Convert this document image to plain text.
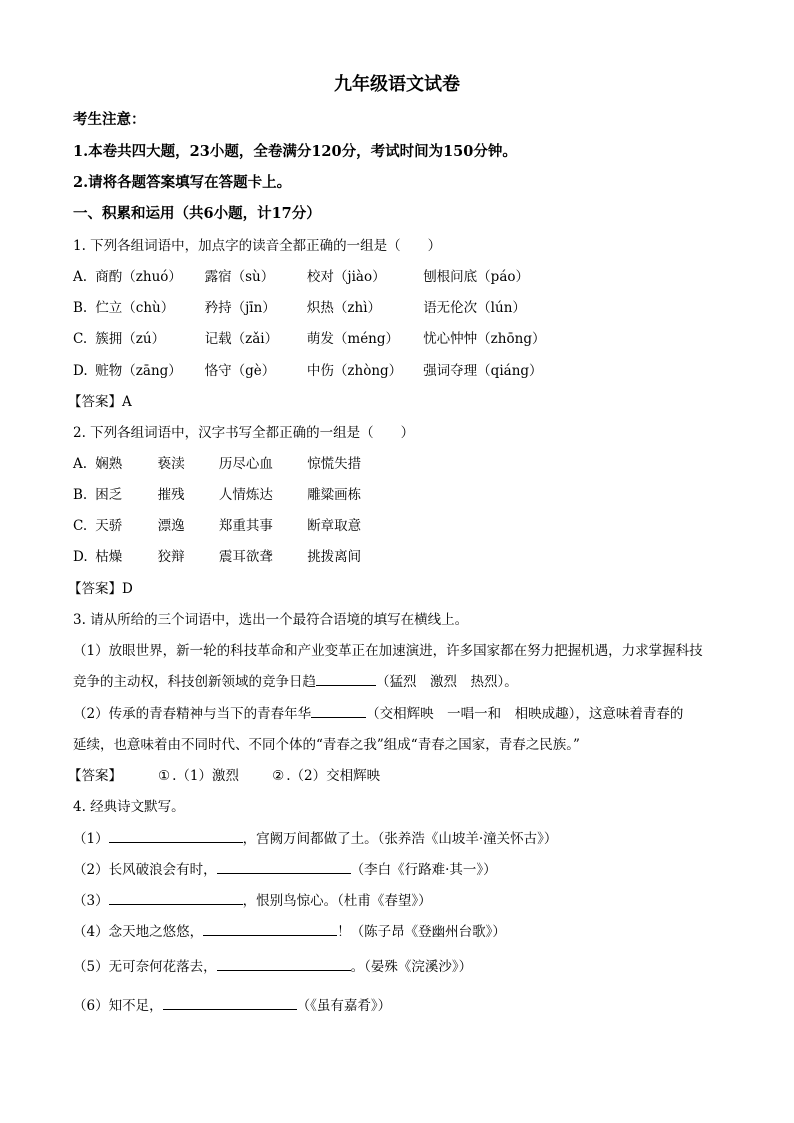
九年级语文试卷
考生注意：
1.本卷共四大题，23小题，全卷满分120分，考试时间为150分钟。
2.请将各题答案填写在答题卡上。
一、积累和运用（共6小题，计17分）
1. 下列各组词语中，加点字的读音全都正确的一组是（　　）
A. 商酌（zhuó） 露宿（sù） 校对（jiào）	刨根问底（páo）
B. 伫立（chù） 矜持（jīn） 炽热（zhì）	语无伦次（lún）
C. 簇拥（zú）	记载（zǎi） 萌发（méng） 忧心忡忡（zhōng）
D. 赃物（zāng） 恪守（gè） 中伤（zhòng） 强词夺理（qiáng）
【答案】A
2. 下列各组词语中，汉字书写全都正确的一组是（　　）
A. 娴熟	亵渎	历尽心血	惊慌失措
B. 困乏	摧残	人情炼达	雕粱画栋
C. 天骄	漂逸	郑重其事	断章取意
D. 枯燥	狡辩	震耳欲聋	挑拨离间
【答案】D
3. 请从所给的三个词语中，选出一个最符合语境的填写在横线上。
（1）放眼世界，新一轮的科技革命和产业变革正在加速演进，许多国家都在努力把握机遇，力求掌握科技
竞争的主动权，科技创新领域的竞争日趋	（猛烈　激烈　热烈）。
（2）传承的青春精神与当下的青春年华	（交相辉映　一唱一和　相映成趣），这意味着青春的
延续，也意味着由不同时代、不同个体的“青春之我”组成“青春之国家，青春之民族。”
【答案】	① .（1）激烈 ② .（2）交相辉映
4. 经典诗文默写。
（1）	，宫阙万间都做了土。（张养浩《山坡羊·潼关怀古》）
（2）长风破浪会有时，	（李白《行路难·其一》）
（3）	，恨别鸟惊心。（杜甫《春望》）
（4）念天地之悠悠，	！（陈子昂《登幽州台歌》）
（5）无可奈何花落去，	。（晏殊《浣溪沙》）
（6）知不足，	（《虽有嘉肴》）
